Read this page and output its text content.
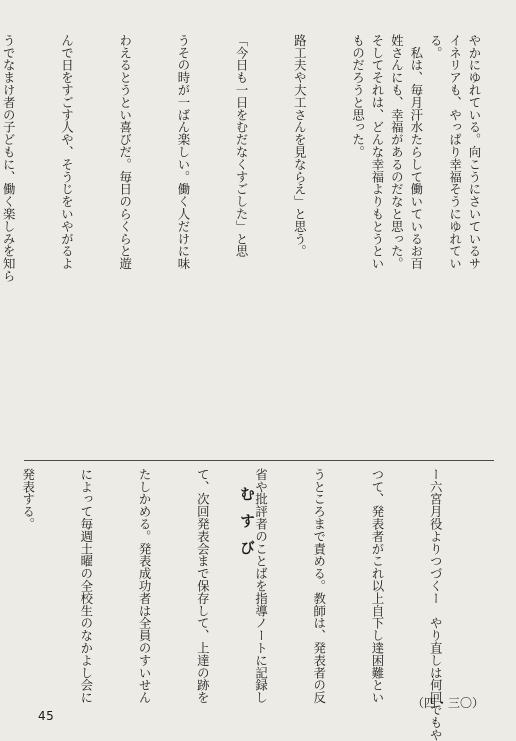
やかにゆれている。向こうにさいているサ
イネリアも、やっぱり幸福そうにゆれてい
る。
　私は、毎月汗水たらして働いているお百
姓さんにも、幸福があるのだなと思った。
そしてそれは、どんな幸福よりもとうとい
ものだろうと思った。

路工夫や大工さんを見ならえ」と思う。

「今日も一日をむだなくすごした」と思

うその時が一ばん楽しい。働く人だけに味

わえるとうとい喜びだ。毎日のらくらと遊

んで日をすごす人や、そうじをいやがるよ

うでなまけ者の子どもに、働く楽しみを知ら

ー六宮月役よりつづくー　やり直しは何回でもや

つて、発表者がこれ以上自下し達困難とい

うところまで責める。教師は、発表者の反

省や批評者のことばを指導ノートに記録し

て、次回発表会まで保存して、上達の跡を

たしかめる。発表成功者は全員のすいせん

によって毎週土曜の全校生のなかよし会に

発表する。

	むすび
（四・三〇）
45
